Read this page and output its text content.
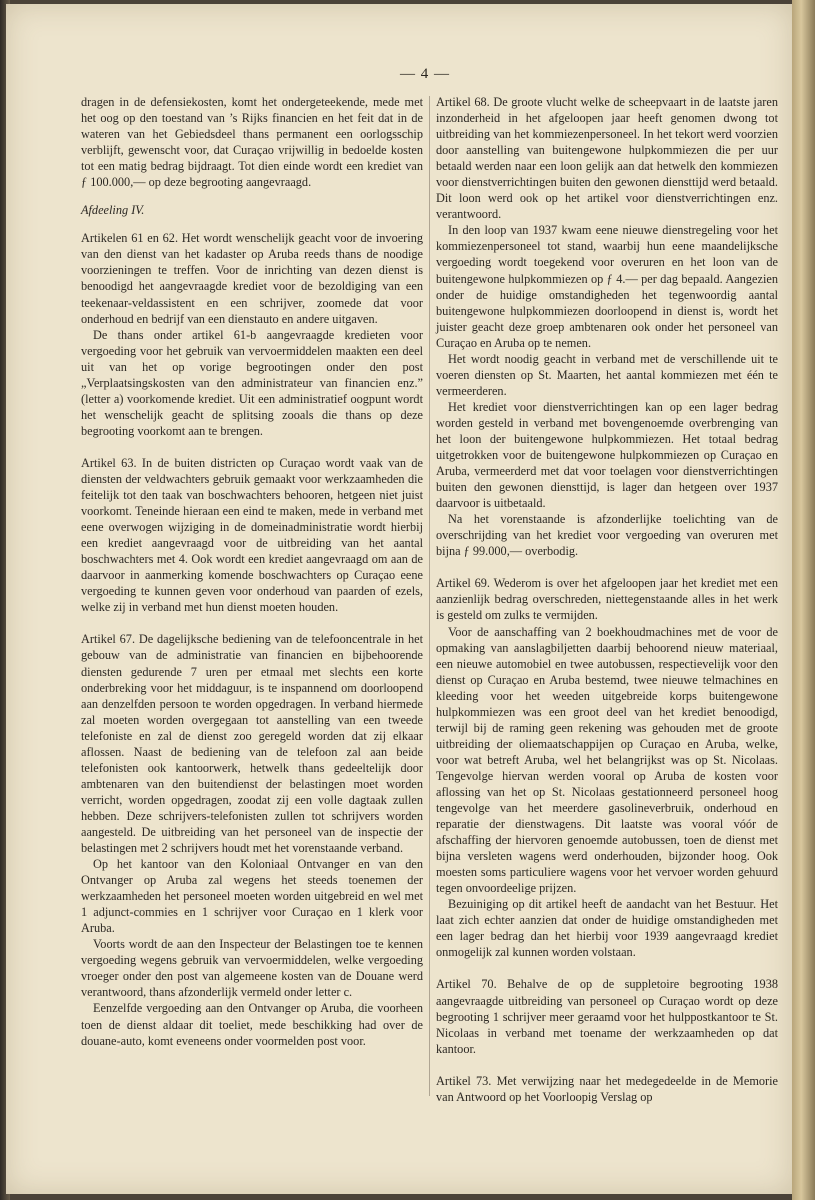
— 4 —

dragen in de defensiekosten, komt het ondergeteekende, mede met het oog op den toestand van ’s Rijks financien en het feit dat in de wateren van het Gebiedsdeel thans permanent een oorlogsschip verblijft, gewenscht voor, dat Curaçao vrijwillig in bedoelde kosten tot een matig bedrag bijdraagt. Tot dien einde wordt een krediet van ƒ 100.000,— op deze begrooting aangevraagd.

Afdeeling IV.

Artikelen 61 en 62. Het wordt wenschelijk geacht voor de invoering van den dienst van het kadaster op Aruba reeds thans de noodige voorzieningen te treffen. Voor de inrichting van dezen dienst is benoodigd het aangevraagde krediet voor de bezoldiging van een teekenaar-veldassistent en een schrijver, zoomede dat voor onderhoud en bedrijf van een dienstauto en andere uitgaven.

De thans onder artikel 61-b aangevraagde kredieten voor vergoeding voor het gebruik van vervoermiddelen maakten een deel uit van het op vorige begrootingen onder den post „Verplaatsingskosten van den administrateur van financien enz.” (letter a) voorkomende krediet. Uit een administratief oogpunt wordt het wenschelijk geacht de splitsing zooals die thans op deze begrooting voorkomt aan te brengen.

Artikel 63. In de buiten districten op Curaçao wordt vaak van de diensten der veldwachters gebruik gemaakt voor werkzaamheden die feitelijk tot den taak van boschwachters behooren, hetgeen niet juist voorkomt. Teneinde hieraan een eind te maken, mede in verband met eene overwogen wijziging in de domeinadministratie wordt hierbij een krediet aangevraagd voor de uitbreiding van het aantal boschwachters met 4. Ook wordt een krediet aangevraagd om aan de daarvoor in aanmerking komende boschwachters op Curaçao eene vergoeding te kunnen geven voor onderhoud van paarden of ezels, welke zij in verband met hun dienst moeten houden.

Artikel 67. De dagelijksche bediening van de telefooncentrale in het gebouw van de administratie van financien en bijbehoorende diensten gedurende 7 uren per etmaal met slechts een korte onderbreking voor het middaguur, is te inspannend om doorloopend aan denzelfden persoon te worden opgedragen. In verband hiermede zal moeten worden overgegaan tot aanstelling van een tweede telefoniste en zal de dienst zoo geregeld worden dat zij elkaar aflossen. Naast de bediening van de telefoon zal aan beide telefonisten ook kantoorwerk, hetwelk thans gedeeltelijk door ambtenaren van den buitendienst der belastingen moet worden verricht, worden opgedragen, zoodat zij een volle dagtaak zullen hebben. Deze schrijvers-telefonisten zullen tot schrijvers worden aangesteld. De uitbreiding van het personeel van de inspectie der belastingen met 2 schrijvers houdt met het vorenstaande verband.

Op het kantoor van den Koloniaal Ontvanger en van den Ontvanger op Aruba zal wegens het steeds toenemen der werkzaamheden het personeel moeten worden uitgebreid en wel met 1 adjunct-commies en 1 schrijver voor Curaçao en 1 klerk voor Aruba.

Voorts wordt de aan den Inspecteur der Belastingen toe te kennen vergoeding wegens gebruik van vervoermiddelen, welke vergoeding vroeger onder den post van algemeene kosten van de Douane werd verantwoord, thans afzonderlijk vermeld onder letter c.

Eenzelfde vergoeding aan den Ontvanger op Aruba, die voorheen toen de dienst aldaar dit toeliet, mede beschikking had over de douane-auto, komt eveneens onder voormelden post voor.

Artikel 68. De groote vlucht welke de scheepvaart in de laatste jaren inzonderheid in het afgeloopen jaar heeft genomen dwong tot uitbreiding van het kommiezenpersoneel. In het tekort werd voorzien door aanstelling van buitengewone hulpkommiezen die per uur betaald werden naar een loon gelijk aan dat hetwelk den kommiezen voor dienstverrichtingen buiten den gewonen diensttijd werd betaald. Dit loon werd ook op het artikel voor dienstverrichtingen enz. verantwoord.

In den loop van 1937 kwam eene nieuwe dienstregeling voor het kommiezenpersoneel tot stand, waarbij hun eene maandelijksche vergoeding wordt toegekend voor overuren en het loon van de buitengewone hulpkommiezen op ƒ 4.— per dag bepaald. Aangezien onder de huidige omstandigheden het tegenwoordig aantal buitengewone hulpkommiezen doorloopend in dienst is, wordt het juister geacht deze groep ambtenaren ook onder het personeel van Curaçao en Aruba op te nemen.

Het wordt noodig geacht in verband met de verschillende uit te voeren diensten op St. Maarten, het aantal kommiezen met één te vermeerderen.

Het krediet voor dienstverrichtingen kan op een lager bedrag worden gesteld in verband met bovengenoemde overbrenging van het loon der buitengewone hulpkommiezen. Het totaal bedrag uitgetrokken voor de buitengewone hulpkommiezen op Curaçao en Aruba, vermeerderd met dat voor toelagen voor dienstverrichtingen buiten den gewonen diensttijd, is lager dan hetgeen over 1937 daarvoor is uitbetaald.

Na het vorenstaande is afzonderlijke toelichting van de overschrijding van het krediet voor vergoeding van overuren met bijna ƒ 99.000,— overbodig.

Artikel 69. Wederom is over het afgeloopen jaar het krediet met een aanzienlijk bedrag overschreden, niettegenstaande alles in het werk is gesteld om zulks te vermijden.

Voor de aanschaffing van 2 boekhoudmachines met de voor de opmaking van aanslagbiljetten daarbij behoorend nieuw materiaal, een nieuwe automobiel en twee autobussen, respectievelijk voor den dienst op Curaçao en Aruba bestemd, twee nieuwe telmachines en kleeding voor het weeden uitgebreide korps buitengewone hulpkommiezen was een groot deel van het krediet benoodigd, terwijl bij de raming geen rekening was gehouden met de groote uitbreiding der oliemaatschappijen op Curaçao en Aruba, welke, voor wat betreft Aruba, wel het belangrijkst was op St. Nicolaas. Tengevolge hiervan werden vooral op Aruba de kosten voor aflossing van het op St. Nicolaas gestationneerd personeel hoog tengevolge van het meerdere gasolineverbruik, onderhoud en reparatie der dienstwagens. Dit laatste was vooral vóór de afschaffing der hiervoren genoemde autobussen, toen de dienst met bijna versleten wagens werd onderhouden, bijzonder hoog. Ook moesten soms particuliere wagens voor het vervoer worden gehuurd tegen onvoordeelige prijzen.

Bezuiniging op dit artikel heeft de aandacht van het Bestuur. Het laat zich echter aanzien dat onder de huidige omstandigheden met een lager bedrag dan het hierbij voor 1939 aangevraagd krediet onmogelijk zal kunnen worden volstaan.

Artikel 70. Behalve de op de suppletoire begrooting 1938 aangevraagde uitbreiding van personeel op Curaçao wordt op deze begrooting 1 schrijver meer geraamd voor het hulppostkantoor te St. Nicolaas in verband met toename der werkzaamheden op dat kantoor.

Artikel 73. Met verwijzing naar het medegedeelde in de Memorie van Antwoord op het Voorloopig Verslag op
